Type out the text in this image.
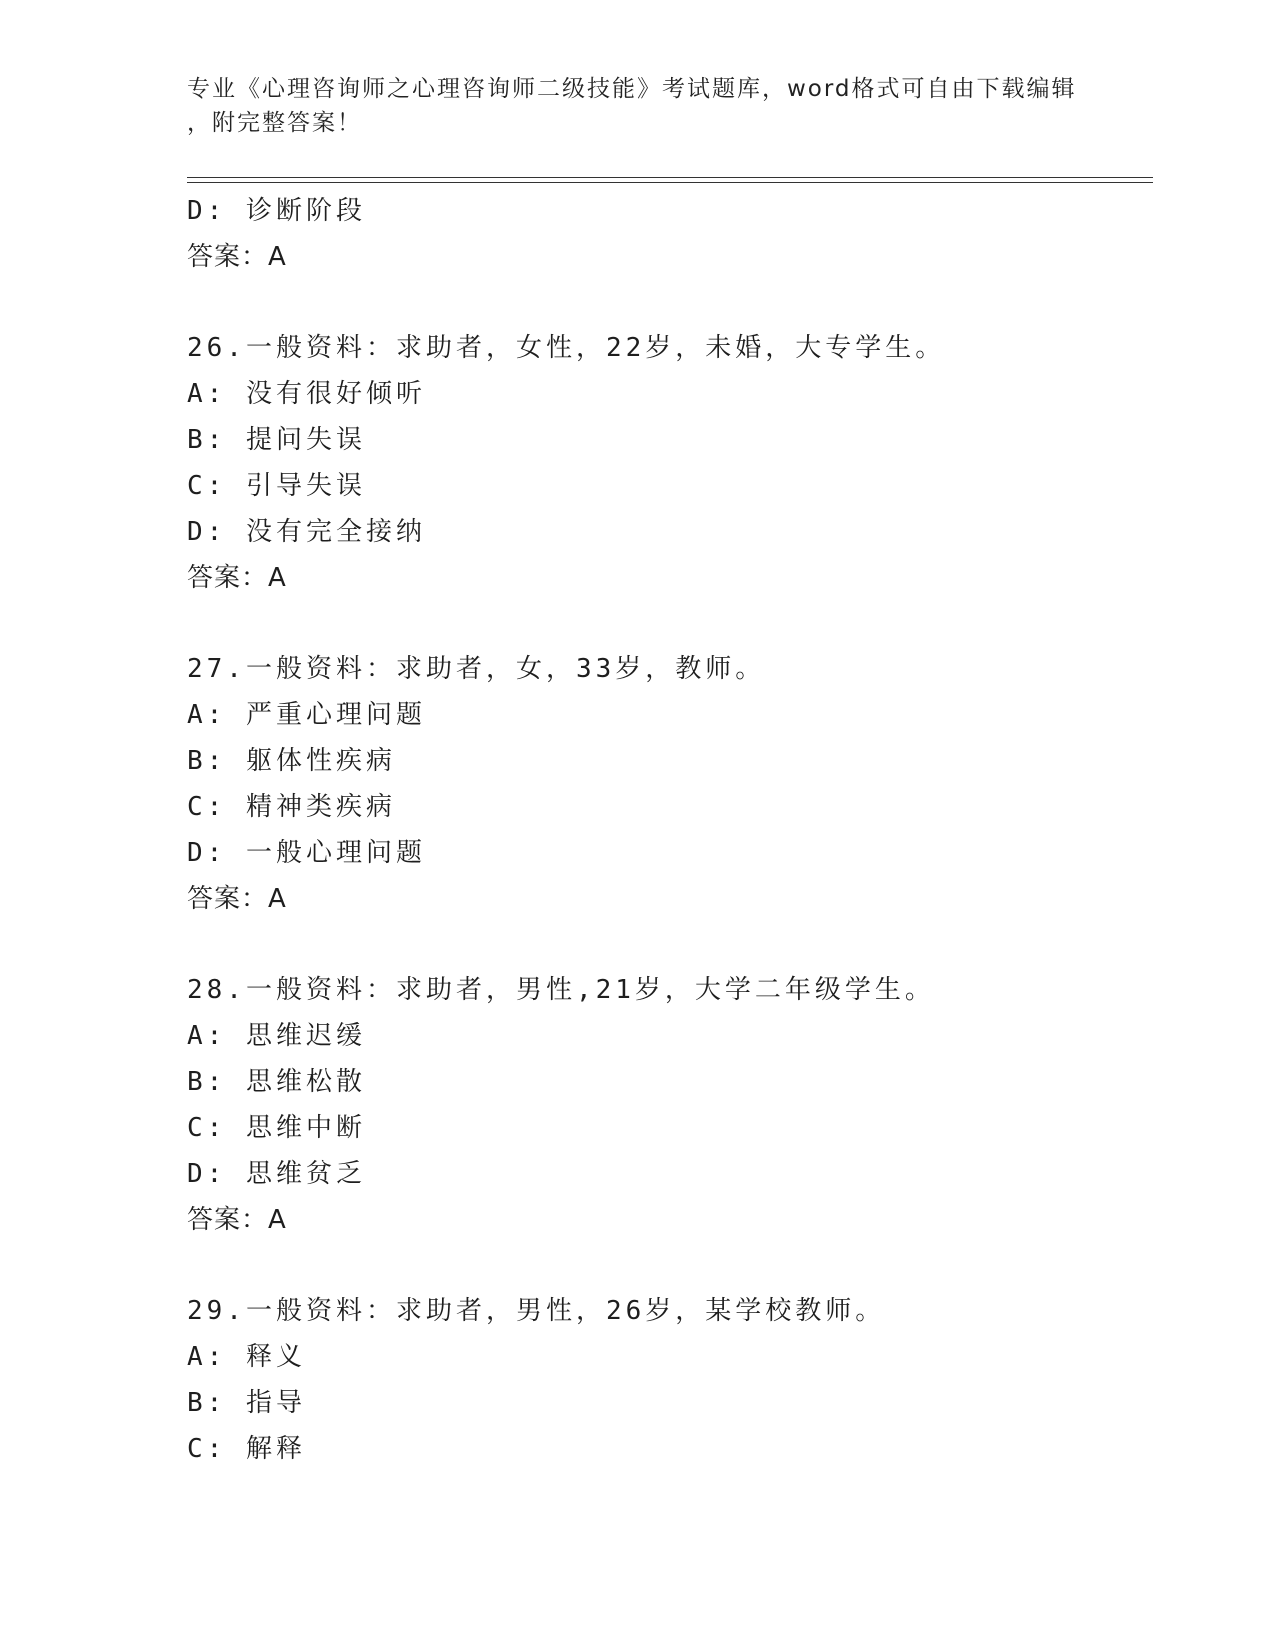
专业《心理咨询师之心理咨询师二级技能》考试题库，word格式可自由下载编辑
，附完整答案！
D: 诊断阶段
答案：A
26.一般资料：求助者，女性，22岁，未婚，大专学生。
A: 没有很好倾听
B: 提问失误
C: 引导失误
D: 没有完全接纳
答案：A
27.一般资料：求助者，女，33岁，教师。
A: 严重心理问题
B: 躯体性疾病
C: 精神类疾病
D: 一般心理问题
答案：A
28.一般资料：求助者，男性,21岁，大学二年级学生。
A: 思维迟缓
B: 思维松散
C: 思维中断
D: 思维贫乏
答案：A
29.一般资料：求助者，男性，26岁，某学校教师。
A: 释义
B: 指导
C: 解释
